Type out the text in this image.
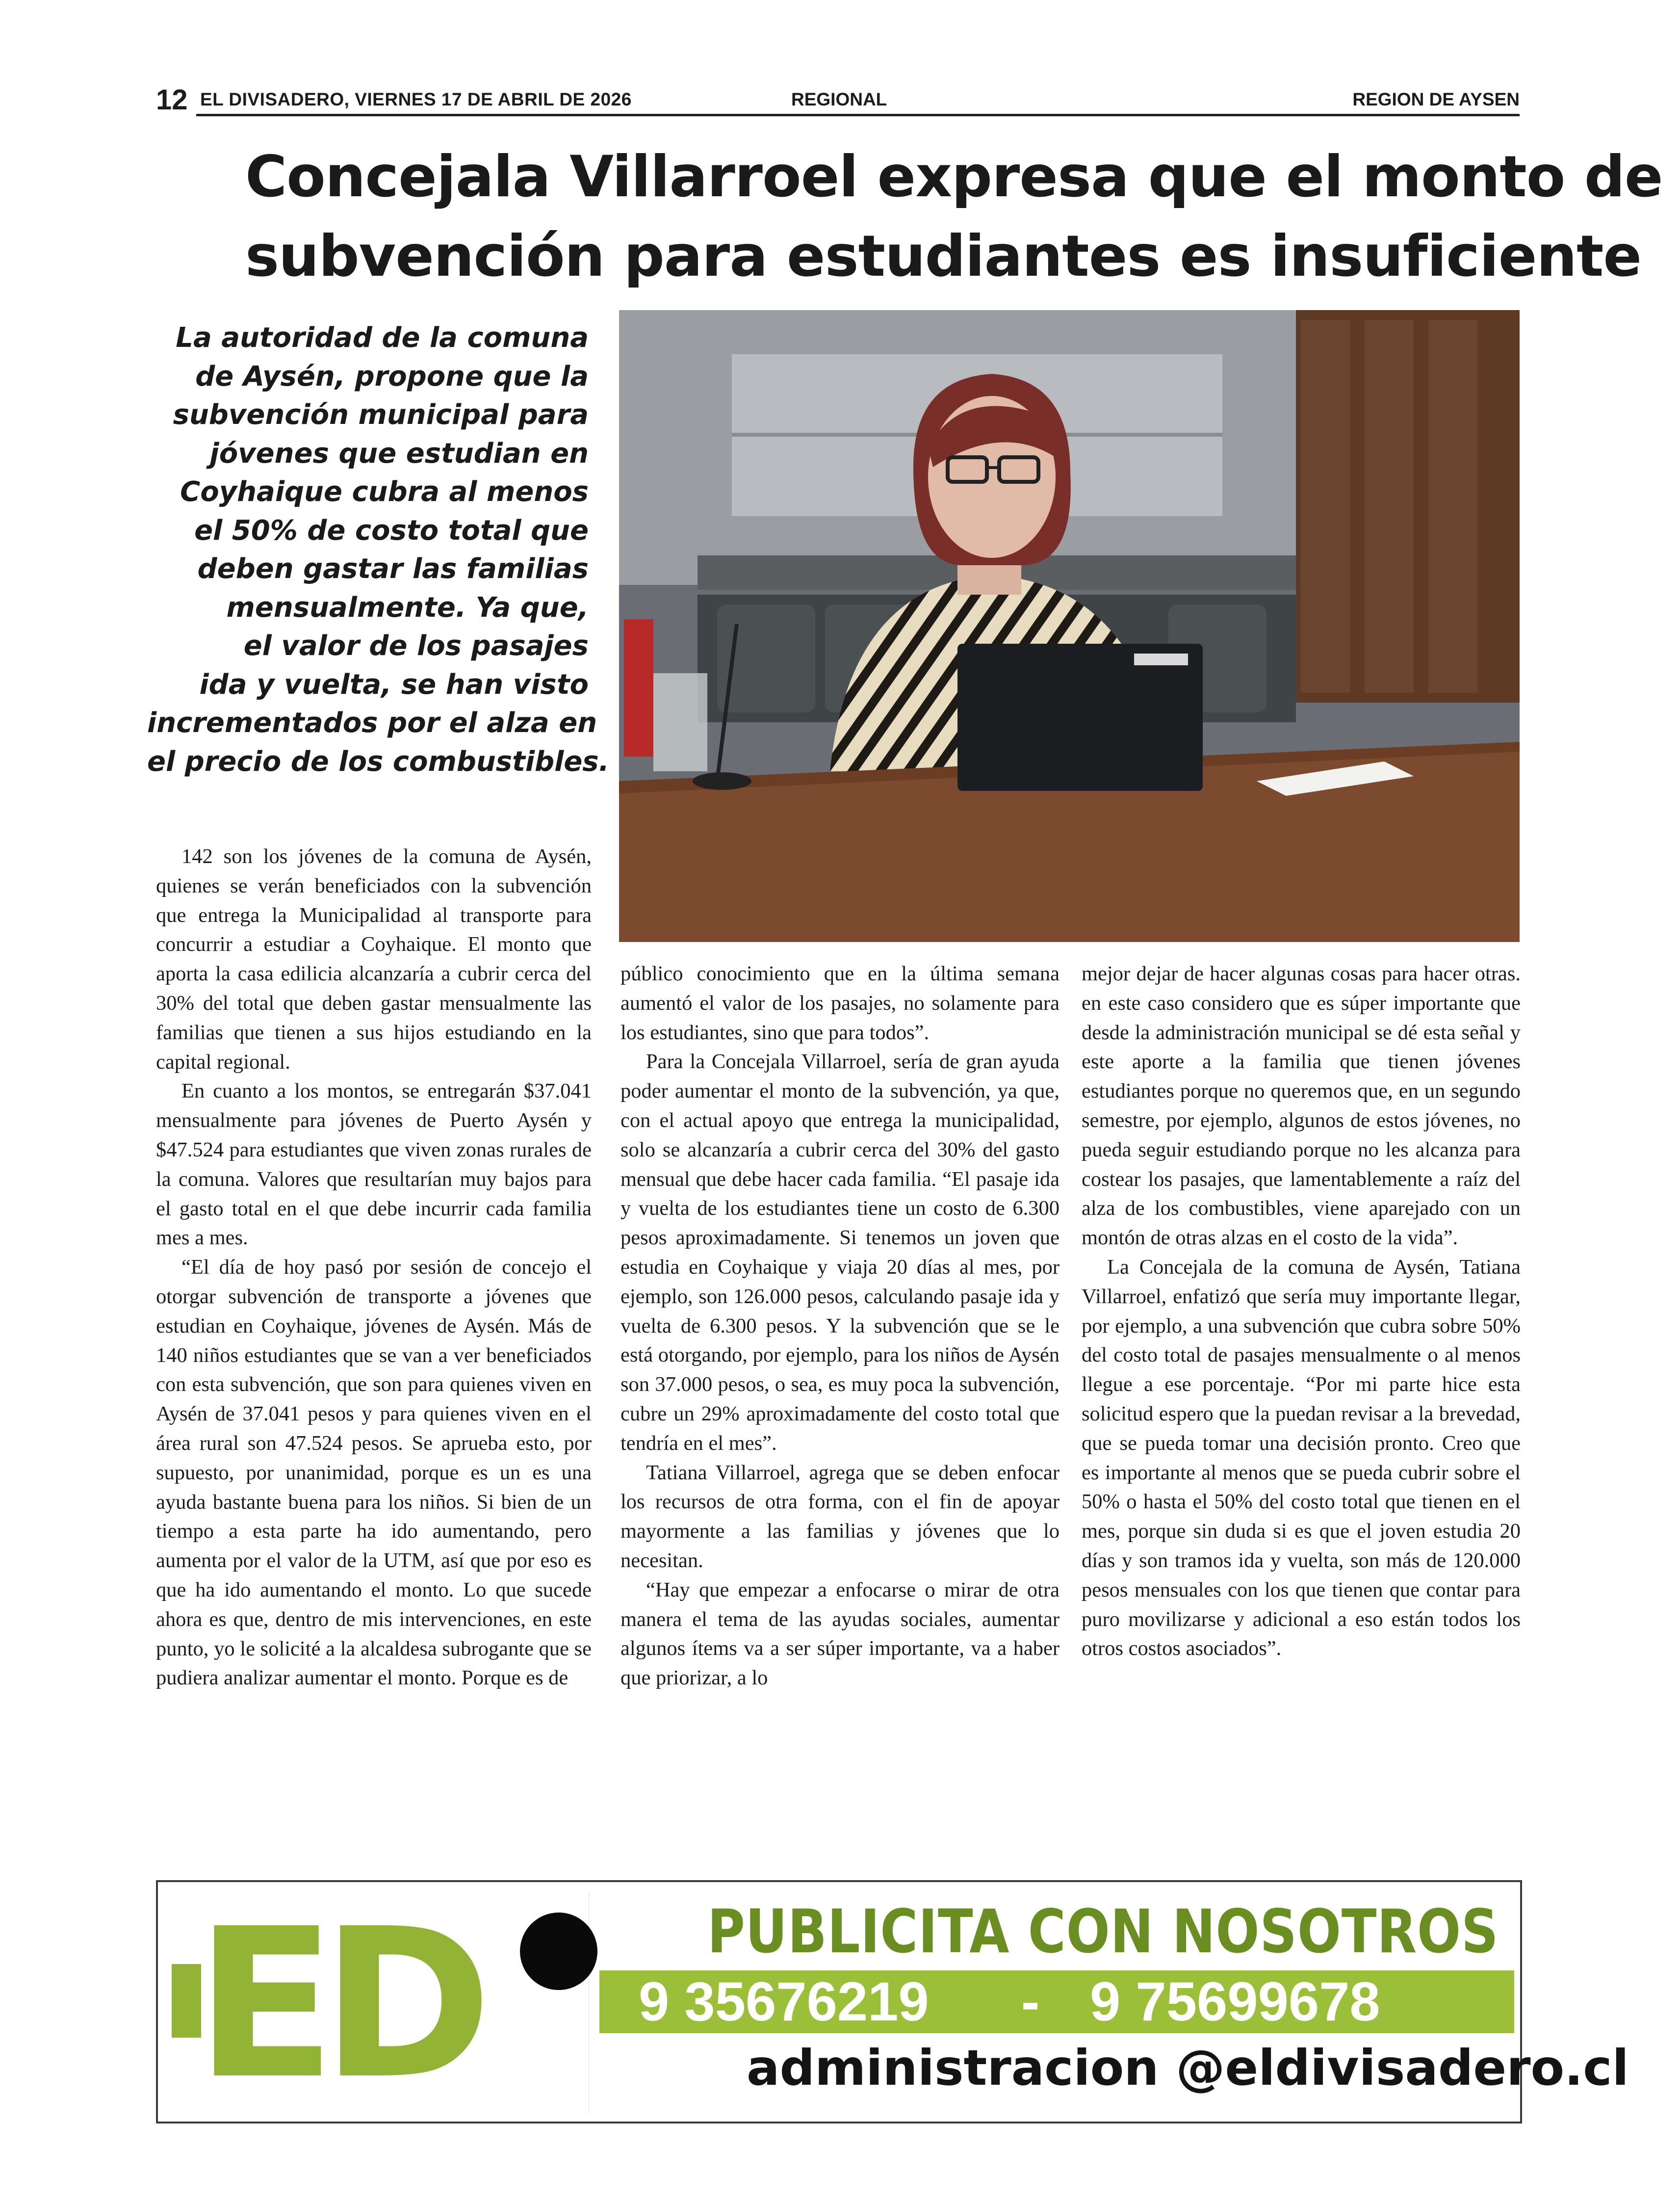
12 EL DIVISADERO, VIERNES 17 DE ABRIL DE 2026	REGIONAL	REGION DE AYSEN
Concejala Villarroel expresa que el monto de
subvención para estudiantes es insuficiente
La autoridad de la comuna
de Aysén, propone que la
subvención municipal para
jóvenes que estudian en
Coyhaique cubra al menos
el 50% de costo total que
deben gastar las familias
mensualmente. Ya que,
el valor de los pasajes
ida y vuelta, se han visto
incrementados por el alza en
el precio de los combustibles.

142 son los jóvenes de la comuna de Aysén, quienes se verán beneficiados con la subvención que entrega la Municipalidad al transporte para concurrir a estudiar a Coyhaique. El monto que aporta la casa edilicia alcanzaría a cubrir cerca del 30% del total que deben gastar mensualmente las familias que tienen a sus hijos estudiando en la capital regional.

En cuanto a los montos, se entregarán $37.041 mensualmente para jóvenes de Puerto Aysén y $47.524 para estudiantes que viven zonas rurales de la comuna. Valores que resultarían muy bajos para el gasto total en el que debe incurrir cada familia mes a mes.

“El día de hoy pasó por sesión de concejo el otorgar subvención de transporte a jóvenes que estudian en Coyhaique, jóvenes de Aysén. Más de 140 niños estudiantes que se van a ver beneficiados con esta subvención, que son para quienes viven en Aysén de 37.041 pesos y para quienes viven en el área rural son 47.524 pesos. Se aprueba esto, por supuesto, por unanimidad, porque es un es una ayuda bastante buena para los niños. Si bien de un tiempo a esta parte ha ido aumentando, pero aumenta por el valor de la UTM, así que por eso es que ha ido aumentando el monto. Lo que sucede ahora es que, dentro de mis intervenciones, en este punto, yo le solicité a la alcaldesa subrogante que se pudiera analizar aumentar el monto. Porque es de

público conocimiento que en la última semana aumentó el valor de los pasajes, no solamente para los estudiantes, sino que para todos”.

Para la Concejala Villarroel, sería de gran ayuda poder aumentar el monto de la subvención, ya que, con el actual apoyo que entrega la municipalidad, solo se alcanzaría a cubrir cerca del 30% del gasto mensual que debe hacer cada familia. “El pasaje ida y vuelta de los estudiantes tiene un costo de 6.300 pesos aproximadamente. Si tenemos un joven que estudia en Coyhaique y viaja 20 días al mes, por ejemplo, son 126.000 pesos, calculando pasaje ida y vuelta de 6.300 pesos. Y la subvención que se le está otorgando, por ejemplo, para los niños de Aysén son 37.000 pesos, o sea, es muy poca la subvención, cubre un 29% aproximadamente del costo total que tendría en el mes”.

Tatiana Villarroel, agrega que se deben enfocar los recursos de otra forma, con el fin de apoyar mayormente a las familias y jóvenes que lo necesitan.

“Hay que empezar a enfocarse o mirar de otra manera el tema de las ayudas sociales, aumentar algunos ítems va a ser súper importante, va a haber que priorizar, a lo

mejor dejar de hacer algunas cosas para hacer otras. en este caso considero que es súper importante que desde la administración municipal se dé esta señal y este aporte a la familia que tienen jóvenes estudiantes porque no queremos que, en un segundo semestre, por ejemplo, algunos de estos jóvenes, no pueda seguir estudiando porque no les alcanza para costear los pasajes, que lamentablemente a raíz del alza de los combustibles, viene aparejado con un montón de otras alzas en el costo de la vida”.

La Concejala de la comuna de Aysén, Tatiana Villarroel, enfatizó que sería muy importante llegar, por ejemplo, a una subvención que cubra sobre 50% del costo total de pasajes mensualmente o al menos llegue a ese porcentaje. “Por mi parte hice esta solicitud espero que la puedan revisar a la brevedad, que se pueda tomar una decisión pronto. Creo que es importante al menos que se pueda cubrir sobre el 50% o hasta el 50% del costo total que tienen en el mes, porque sin duda si es que el joven estudia 20 días y son tramos ida y vuelta, son más de 120.000 pesos mensuales con los que tienen que contar para puro movilizarse y adicional a eso están todos los otros costos asociados”.

ED	PUBLICITA CON NOSOTROS
9 35676219 - 9 75699678
administracion @eldivisadero.cl
